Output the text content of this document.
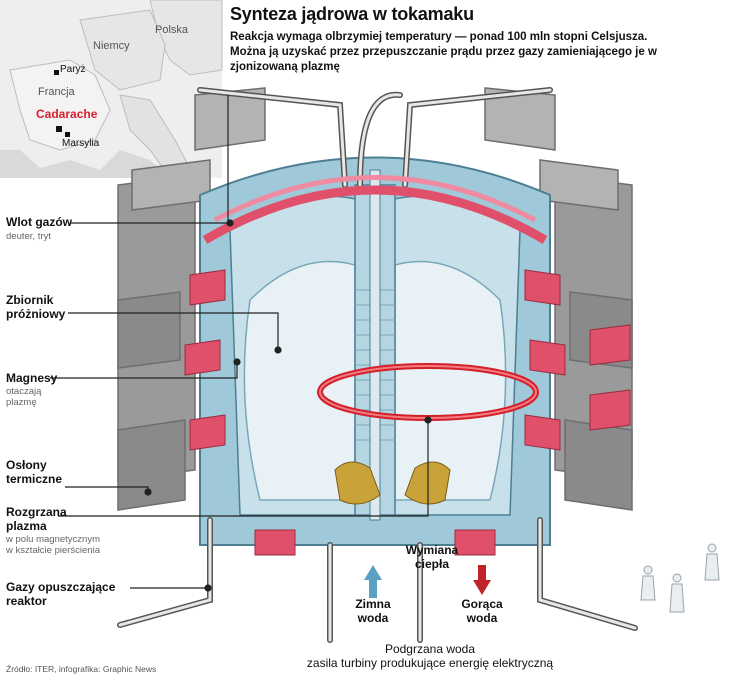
Polska
Niemcy
Francja
Paryż
Cadarache
Marsylia
Synteza jądrowa w tokamaku
Reakcja wymaga olbrzymiej temperatury — ponad 100 mln stopni Celsjusza. Można ją uzyskać przez przepuszczanie prądu przez gazy zamieniającego je w zjonizowaną plazmę
Wlot gazów
deuter, tryt
Zbiornik
próżniowy
Magnesy
otaczają
plazmę
Osłony
termiczne
Rozgrzana
plazma
w polu magnetycznym
w kształcie pierścienia
Gazy opuszczające
reaktor
Wymiana
ciepła
Zimna
woda
Gorąca
woda
Podgrzana woda
zasila turbiny produkujące energię elektryczną
Źródło: ITER, infografika: Graphic News
